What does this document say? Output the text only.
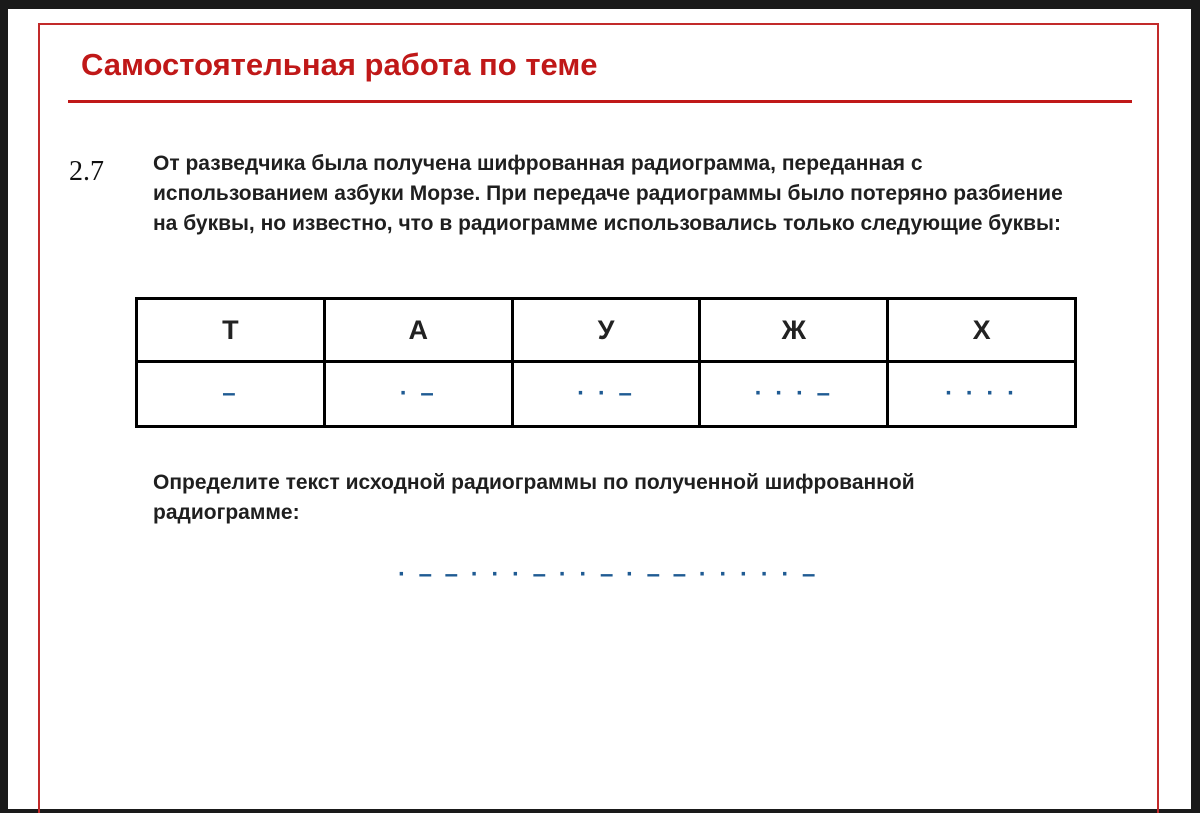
Самостоятельная работа по теме
2.7 От разведчика была получена шифрованная радиограмма, переданная с использованием азбуки Морзе. При передаче радиограммы было потеряно разбиение на буквы, но известно, что в радиограмме использовались только следующие буквы:

Т	А	У	Ж	Х
–	· –	· · –	· · · –	· · · ·

Определите текст исходной радиограммы по полученной шифрованной радиограмме:

· – – · · · – · · – · – – · · · · · –
